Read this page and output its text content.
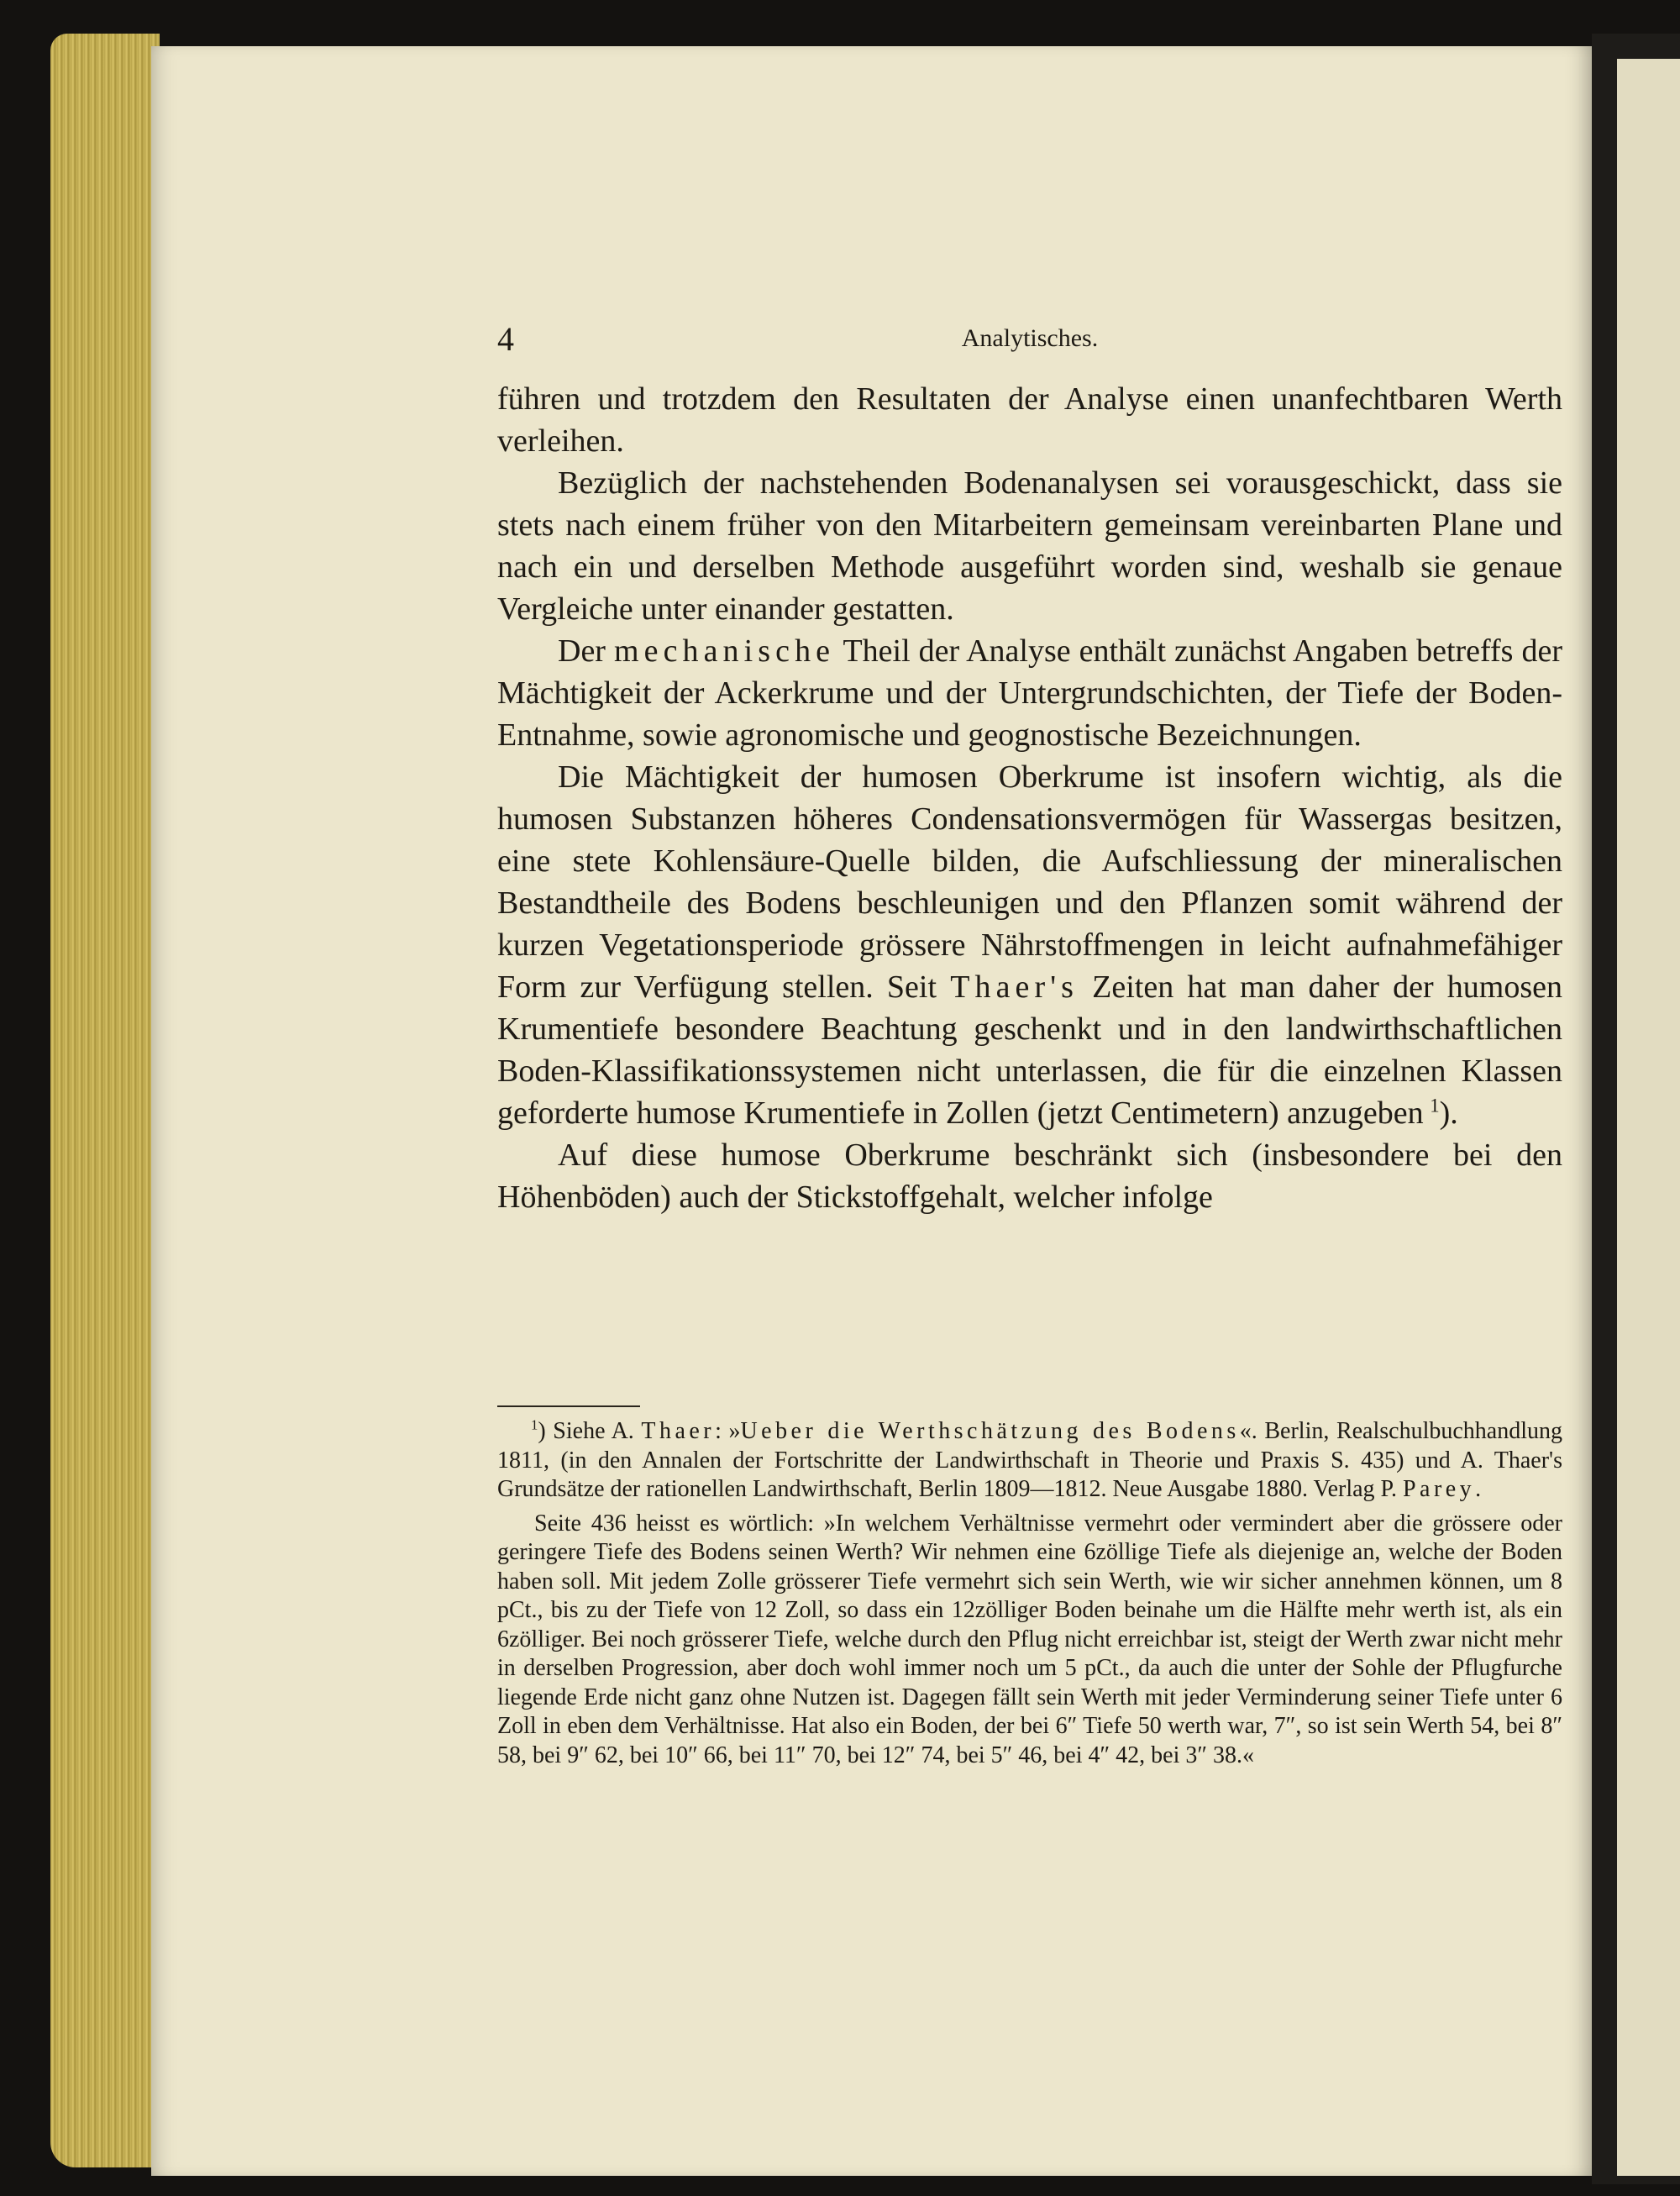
4	Analytisches.

führen und trotzdem den Resultaten der Analyse einen unanfechtbaren Werth verleihen.

Bezüglich der nachstehenden Bodenanalysen sei vorausgeschickt, dass sie stets nach einem früher von den Mitarbeitern gemeinsam vereinbarten Plane und nach ein und derselben Methode ausgeführt worden sind, weshalb sie genaue Vergleiche unter einander gestatten.

Der mechanische Theil der Analyse enthält zunächst Angaben betreffs der Mächtigkeit der Ackerkrume und der Untergrundschichten, der Tiefe der Boden-Entnahme, sowie agronomische und geognostische Bezeichnungen.

Die Mächtigkeit der humosen Oberkrume ist insofern wichtig, als die humosen Substanzen höheres Condensationsvermögen für Wassergas besitzen, eine stete Kohlensäure-Quelle bilden, die Aufschliessung der mineralischen Bestandtheile des Bodens beschleunigen und den Pflanzen somit während der kurzen Vegetationsperiode grössere Nährstoffmengen in leicht aufnahmefähiger Form zur Verfügung stellen. Seit Thaer's Zeiten hat man daher der humosen Krumentiefe besondere Beachtung geschenkt und in den landwirthschaftlichen Boden-Klassifikationssystemen nicht unterlassen, die für die einzelnen Klassen geforderte humose Krumentiefe in Zollen (jetzt Centimetern) anzugeben  $^1$).

Auf diese humose Oberkrume beschränkt sich (insbesondere bei den Höhenböden) auch der Stickstoffgehalt, welcher infolge

$^1$) Siehe A. Thaer: »Ueber die Werthschätzung des Bodens«. Berlin, Realschulbuchhandlung 1811, (in den Annalen der Fortschritte der Landwirthschaft in Theorie und Praxis S. 435) und A. Thaer's Grundsätze der rationellen Landwirthschaft, Berlin 1809—1812. Neue Ausgabe 1880. Verlag P. Parey.

Seite 436 heisst es wörtlich: »In welchem Verhältnisse vermehrt oder vermindert aber die grössere oder geringere Tiefe des Bodens seinen Werth? Wir nehmen eine 6zöllige Tiefe als diejenige an, welche der Boden haben soll. Mit jedem Zolle grösserer Tiefe vermehrt sich sein Werth, wie wir sicher annehmen können, um 8 pCt., bis zu der Tiefe von 12 Zoll, so dass ein 12zölliger Boden beinahe um die Hälfte mehr werth ist, als ein 6zölliger. Bei noch grösserer Tiefe, welche durch den Pflug nicht erreichbar ist, steigt der Werth zwar nicht mehr in derselben Progression, aber doch wohl immer noch um 5 pCt., da auch die unter der Sohle der Pflugfurche liegende Erde nicht ganz ohne Nutzen ist. Dagegen fällt sein Werth mit jeder Verminderung seiner Tiefe unter 6 Zoll in eben dem Verhältnisse. Hat also ein Boden, der bei 6″ Tiefe 50 werth war, 7″, so ist sein Werth 54, bei 8″ 58, bei 9″ 62, bei 10″ 66, bei 11″ 70, bei 12″ 74, bei 5″ 46, bei 4″ 42, bei 3″ 38.«
